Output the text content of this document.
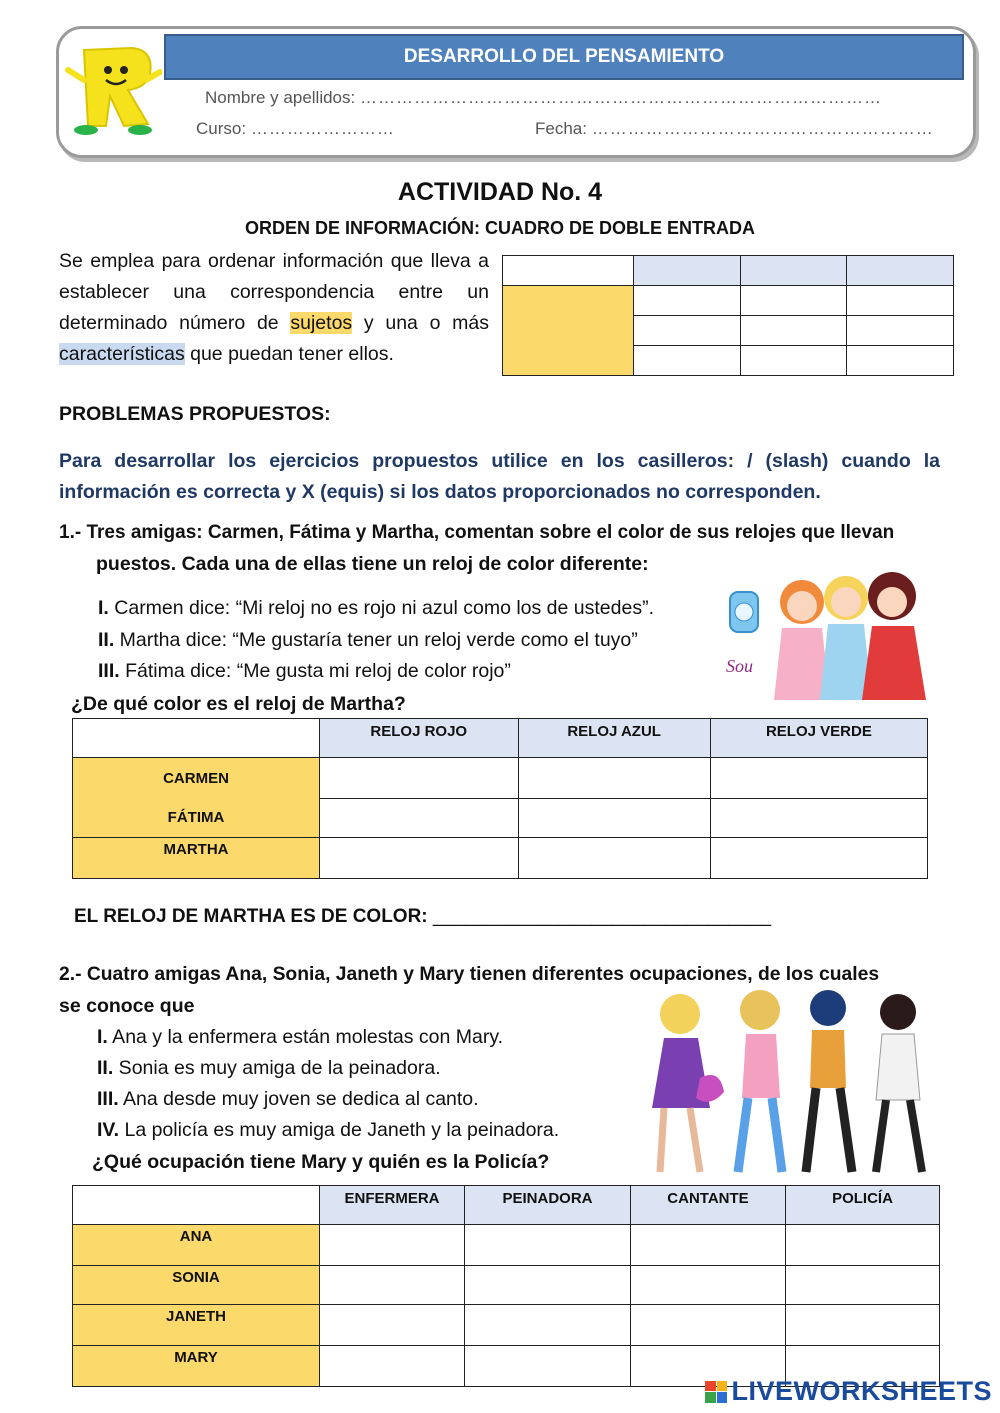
DESARROLLO DEL PENSAMIENTO
Nombre y apellidos: ……………………………………………………………………………
Curso: ……………………	Fecha: …………………………………………………
ACTIVIDAD No. 4
ORDEN DE INFORMACIÓN: CUADRO DE DOBLE ENTRADA
Se emplea para ordenar información que lleva a establecer una correspondencia entre un determinado número de sujetos y una o más características que puedan tener ellos.

PROBLEMAS PROPUESTOS:
Para desarrollar los ejercicios propuestos utilice en los casilleros: / (slash) cuando la información es correcta y X (equis) si los datos proporcionados no corresponden.
1.- Tres amigas: Carmen, Fátima y Martha, comentan sobre el color de sus relojes que llevan
puestos. Cada una de ellas tiene un reloj de color diferente:
I. Carmen dice: “Mi reloj no es rojo ni azul como los de ustedes”.
II. Martha dice: “Me gustaría tener un reloj verde como el tuyo”
III. Fátima dice: “Me gusta mi reloj de color rojo”
¿De qué color es el reloj de Martha?
Sou
	RELOJ ROJO	RELOJ AZUL	RELOJ VERDE
CARMEN			
FÁTIMA			
MARTHA			
EL RELOJ DE MARTHA ES DE COLOR: ________________________________
2.- Cuatro amigas Ana, Sonia, Janeth y Mary tienen diferentes ocupaciones, de los cuales
se conoce que
I. Ana y la enfermera están molestas con Mary.
II. Sonia es muy amiga de la peinadora.
III. Ana desde muy joven se dedica al canto.
IV. La policía es muy amiga de Janeth y la peinadora.
¿Qué ocupación tiene Mary y quién es la Policía?
	ENFERMERA	PEINADORA	CANTANTE	POLICÍA
ANA				
SONIA				
JANETH				
MARY				
LIVEWORKSHEETS
